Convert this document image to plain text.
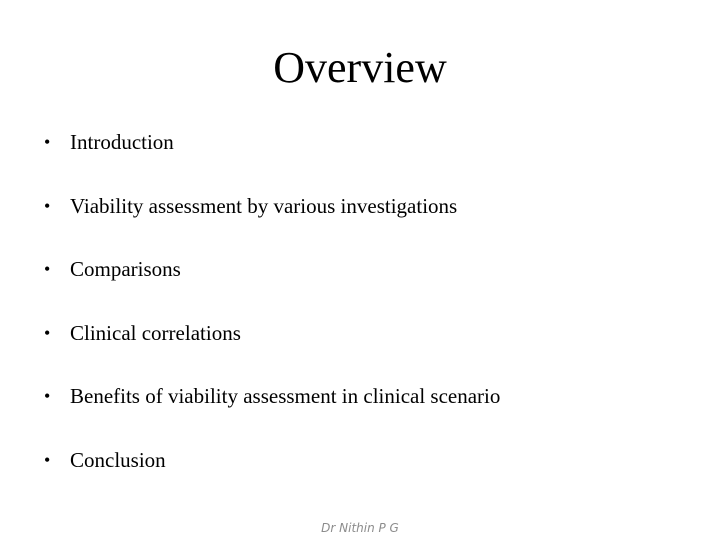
Overview
• Introduction
• Viability assessment by various investigations
• Comparisons
• Clinical correlations
• Benefits of viability assessment in clinical scenario
• Conclusion
Dr Nithin P G
